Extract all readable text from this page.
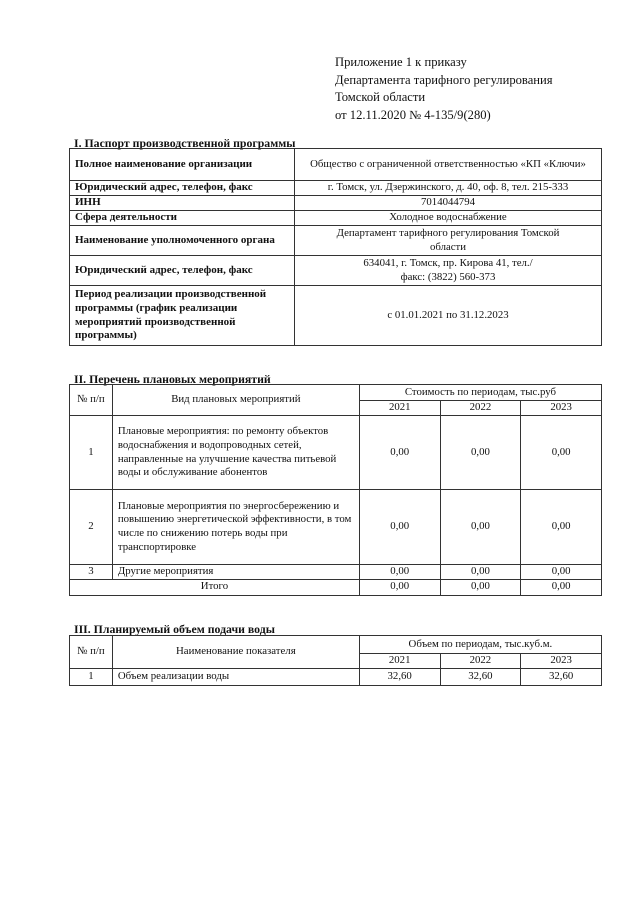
Приложение 1 к приказу
Департамента тарифного регулирования
Томской области
от 12.11.2020 № 4-135/9(280)
I. Паспорт производственной программы
Полное наименование организации	Общество с ограниченной ответственностью «КП «Ключи»
Юридический адрес, телефон, факс	г. Томск, ул. Дзержинского, д. 40, оф. 8, тел. 215-333
ИНН	7014044794
Сфера деятельности	Холодное водоснабжение
Наименование уполномоченного органа	Департамент тарифного регулирования Томской области
Юридический адрес, телефон, факс	634041, г. Томск, пр. Кирова 41, тел./факс: (3822) 560-373
Период реализации производственной программы (график реализации мероприятий производственной программы)	с 01.01.2021 по 31.12.2023
II. Перечень плановых мероприятий
№ п/п	Вид плановых мероприятий	Стоимость по периодам, тыс.руб		
		2021	2022	2023
1	Плановые мероприятия: по ремонту объектов водоснабжения и водопроводных сетей, направленные на улучшение качества питьевой воды и обслуживание абонентов	0,00	0,00	0,00
2	Плановые мероприятия по энергосбережению и повышению энергетической эффективности, в том числе по снижению потерь воды при транспортировке	0,00	0,00	0,00
3	Другие мероприятия	0,00	0,00	0,00
Итого		0,00	0,00	0,00
III. Планируемый объем подачи воды
№ п/п	Наименование показателя	Объем по периодам, тыс.куб.м.		
		2021	2022	2023
1	Объем реализации воды	32,60	32,60	32,60
